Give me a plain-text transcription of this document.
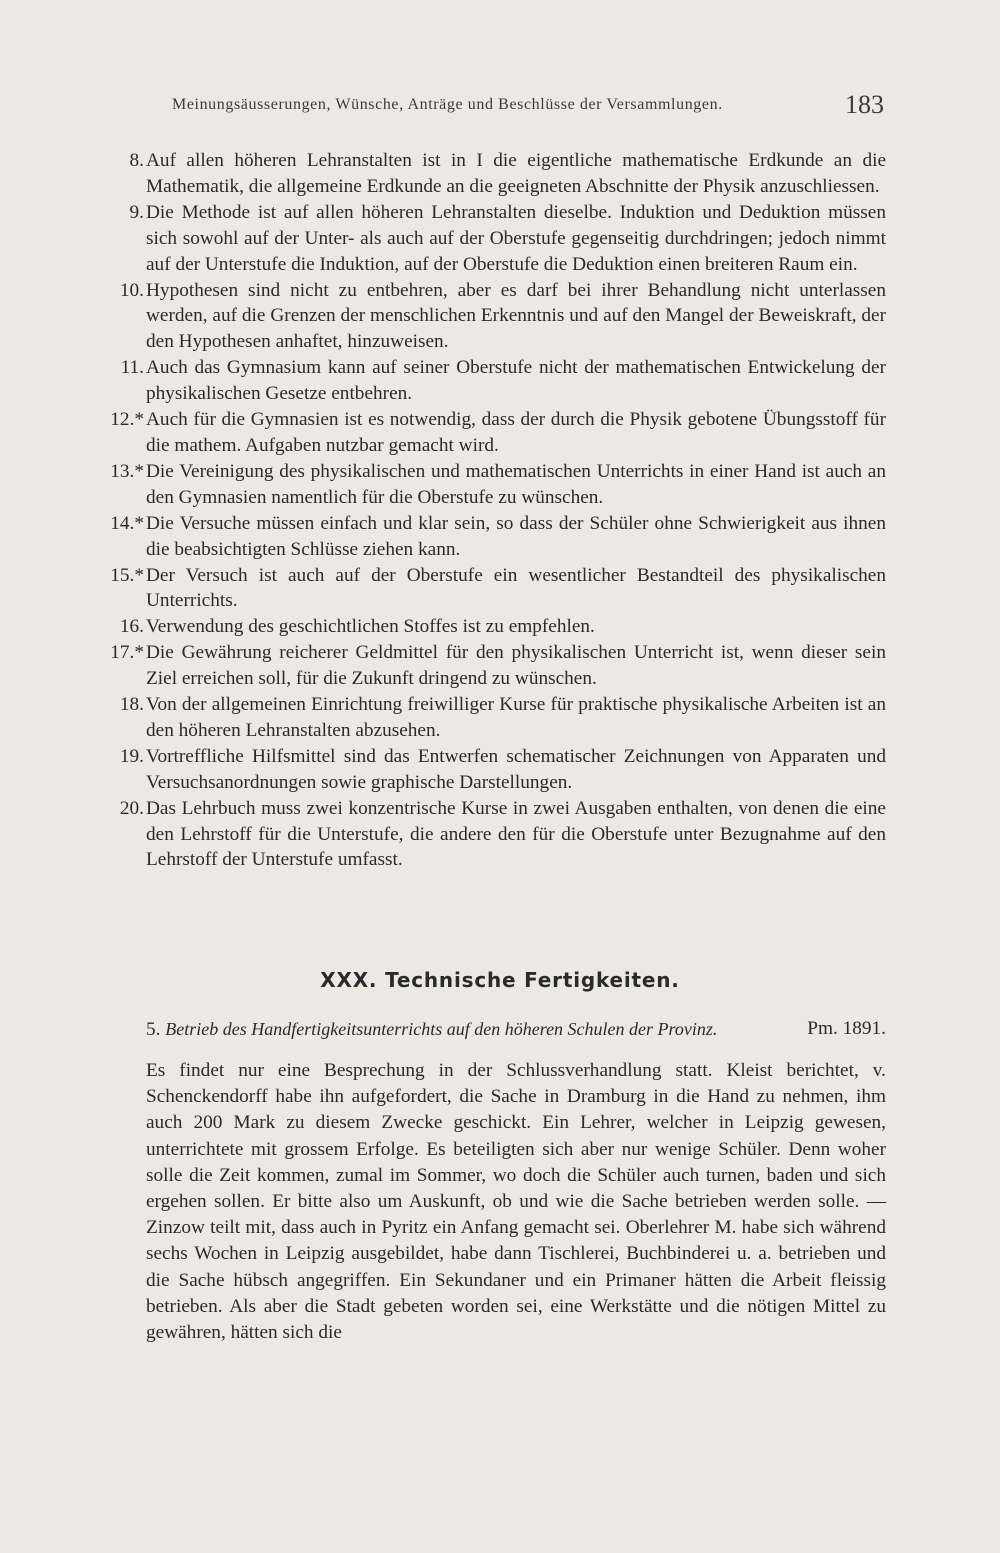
Meinungsäusserungen, Wünsche, Anträge und Beschlüsse der Versammlungen.	183
8. Auf allen höheren Lehranstalten ist in I die eigentliche mathematische Erdkunde an die Mathematik, die allgemeine Erdkunde an die geeigneten Abschnitte der Physik anzuschliessen.
9. Die Methode ist auf allen höheren Lehranstalten dieselbe. Induktion und Deduktion müssen sich sowohl auf der Unter- als auch auf der Oberstufe gegenseitig durchdringen; jedoch nimmt auf der Unterstufe die Induktion, auf der Oberstufe die Deduktion einen breiteren Raum ein.
10. Hypothesen sind nicht zu entbehren, aber es darf bei ihrer Behandlung nicht unterlassen werden, auf die Grenzen der menschlichen Erkenntnis und auf den Mangel der Beweiskraft, der den Hypothesen anhaftet, hinzuweisen.
11. Auch das Gymnasium kann auf seiner Oberstufe nicht der mathematischen Entwickelung der physikalischen Gesetze entbehren.
12.* Auch für die Gymnasien ist es notwendig, dass der durch die Physik gebotene Übungsstoff für die mathem. Aufgaben nutzbar gemacht wird.
13.* Die Vereinigung des physikalischen und mathematischen Unterrichts in einer Hand ist auch an den Gymnasien namentlich für die Oberstufe zu wünschen.
14.* Die Versuche müssen einfach und klar sein, so dass der Schüler ohne Schwierigkeit aus ihnen die beabsichtigten Schlüsse ziehen kann.
15.* Der Versuch ist auch auf der Oberstufe ein wesentlicher Bestandteil des physikalischen Unterrichts.
16. Verwendung des geschichtlichen Stoffes ist zu empfehlen.
17.* Die Gewährung reicherer Geldmittel für den physikalischen Unterricht ist, wenn dieser sein Ziel erreichen soll, für die Zukunft dringend zu wünschen.
18. Von der allgemeinen Einrichtung freiwilliger Kurse für praktische physikalische Arbeiten ist an den höheren Lehranstalten abzusehen.
19. Vortreffliche Hilfsmittel sind das Entwerfen schematischer Zeichnungen von Apparaten und Versuchsanordnungen sowie graphische Darstellungen.
20. Das Lehrbuch muss zwei konzentrische Kurse in zwei Ausgaben enthalten, von denen die eine den Lehrstoff für die Unterstufe, die andere den für die Oberstufe unter Bezugnahme auf den Lehrstoff der Unterstufe umfasst.
XXX. Technische Fertigkeiten.
5. Betrieb des Handfertigkeitsunterrichts auf den höheren Schulen der Provinz.	Pm. 1891.
Es findet nur eine Besprechung in der Schlussverhandlung statt. Kleist berichtet, v. Schenckendorff habe ihn aufgefordert, die Sache in Dramburg in die Hand zu nehmen, ihm auch 200 Mark zu diesem Zwecke geschickt. Ein Lehrer, welcher in Leipzig gewesen, unterrichtete mit grossem Erfolge. Es beteiligten sich aber nur wenige Schüler. Denn woher solle die Zeit kommen, zumal im Sommer, wo doch die Schüler auch turnen, baden und sich ergehen sollen. Er bitte also um Auskunft, ob und wie die Sache betrieben werden solle. — Zinzow teilt mit, dass auch in Pyritz ein Anfang gemacht sei. Oberlehrer M. habe sich während sechs Wochen in Leipzig ausgebildet, habe dann Tischlerei, Buchbinderei u. a. betrieben und die Sache hübsch angegriffen. Ein Sekundaner und ein Primaner hätten die Arbeit fleissig betrieben. Als aber die Stadt gebeten worden sei, eine Werkstätte und die nötigen Mittel zu gewähren, hätten sich die
